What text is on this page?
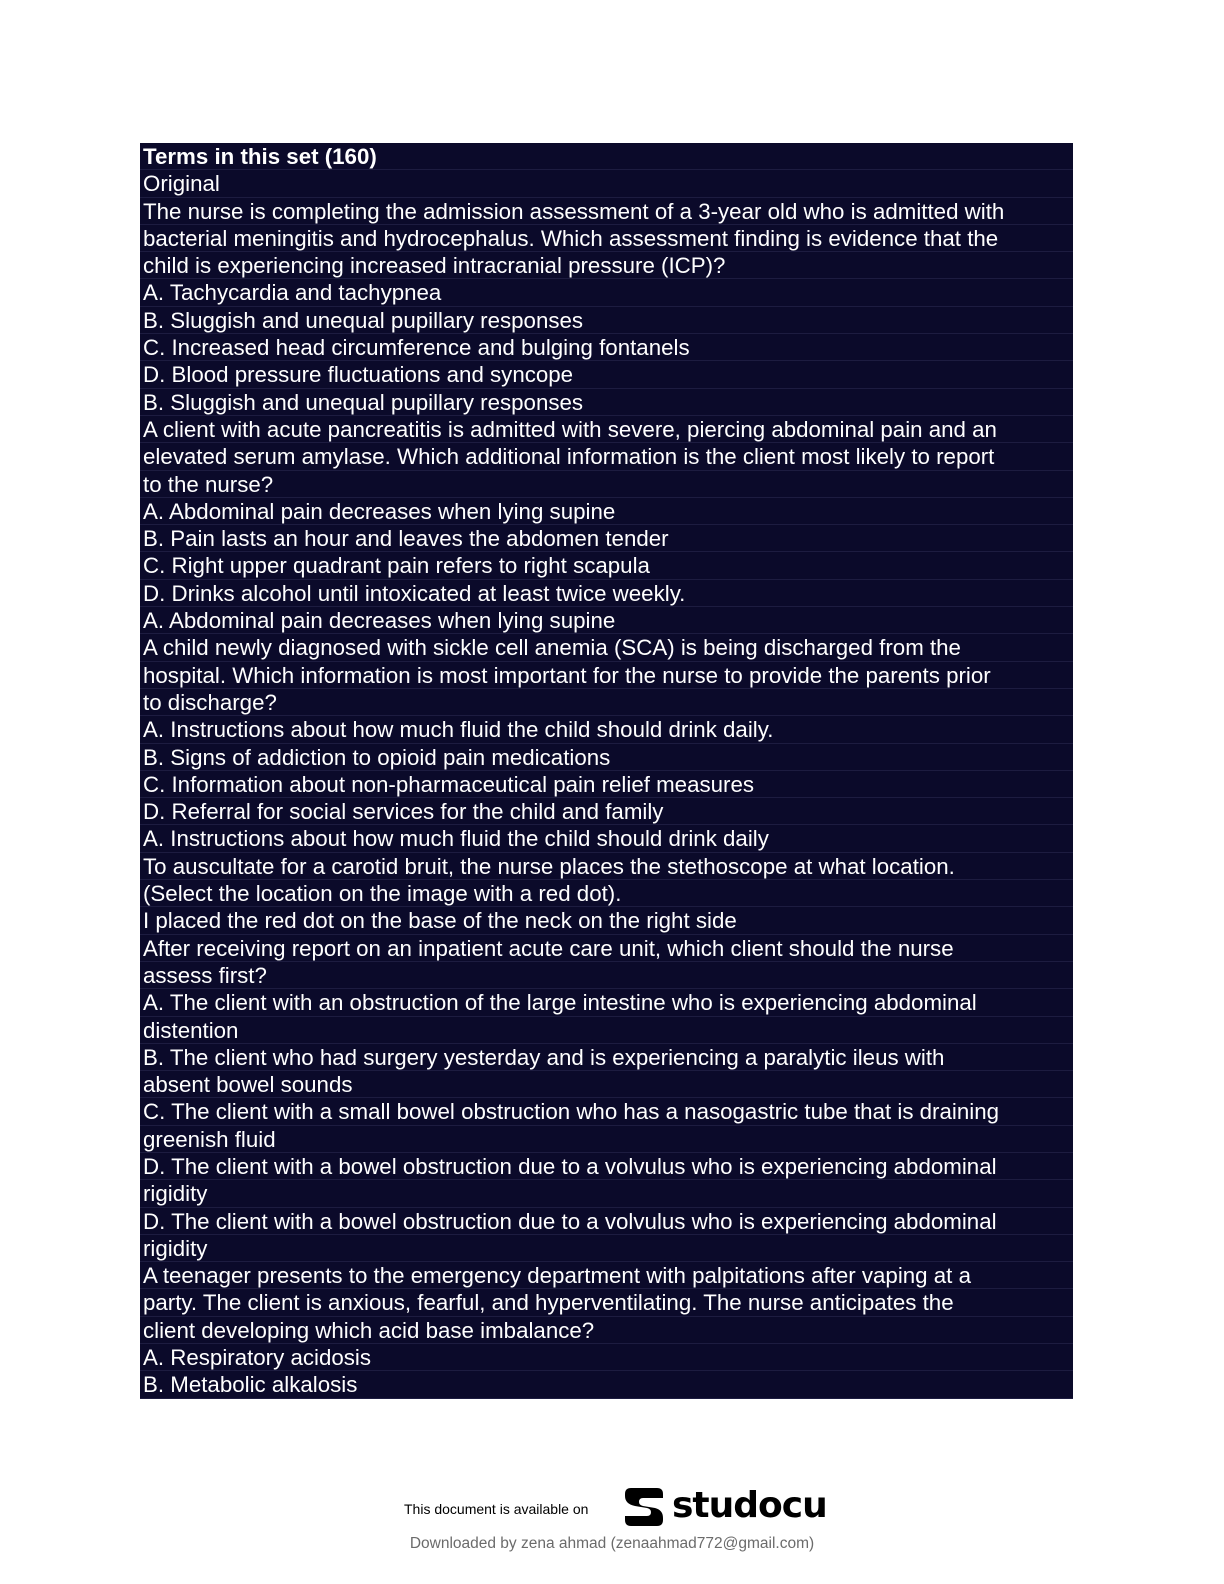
Terms in this set (160)
Original
The nurse is completing the admission assessment of a 3-year old who is admitted with
bacterial meningitis and hydrocephalus. Which assessment finding is evidence that the
child is experiencing increased intracranial pressure (ICP)?
A. Tachycardia and tachypnea
B. Sluggish and unequal pupillary responses
C. Increased head circumference and bulging fontanels
D. Blood pressure fluctuations and syncope
B. Sluggish and unequal pupillary responses
A client with acute pancreatitis is admitted with severe, piercing abdominal pain and an
elevated serum amylase. Which additional information is the client most likely to report
to the nurse?
A. Abdominal pain decreases when lying supine
B. Pain lasts an hour and leaves the abdomen tender
C. Right upper quadrant pain refers to right scapula
D. Drinks alcohol until intoxicated at least twice weekly.
A. Abdominal pain decreases when lying supine
A child newly diagnosed with sickle cell anemia (SCA) is being discharged from the
hospital. Which information is most important for the nurse to provide the parents prior
to discharge?
A. Instructions about how much fluid the child should drink daily.
B. Signs of addiction to opioid pain medications
C. Information about non-pharmaceutical pain relief measures
D. Referral for social services for the child and family
A. Instructions about how much fluid the child should drink daily
To auscultate for a carotid bruit, the nurse places the stethoscope at what location.
(Select the location on the image with a red dot).
I placed the red dot on the base of the neck on the right side
After receiving report on an inpatient acute care unit, which client should the nurse
assess first?
A. The client with an obstruction of the large intestine who is experiencing abdominal
distention
B. The client who had surgery yesterday and is experiencing a paralytic ileus with
absent bowel sounds
C. The client with a small bowel obstruction who has a nasogastric tube that is draining
greenish fluid
D. The client with a bowel obstruction due to a volvulus who is experiencing abdominal
rigidity
D. The client with a bowel obstruction due to a volvulus who is experiencing abdominal
rigidity
A teenager presents to the emergency department with palpitations after vaping at a
party. The client is anxious, fearful, and hyperventilating. The nurse anticipates the
client developing which acid base imbalance?
A. Respiratory acidosis
B. Metabolic alkalosis
This document is available on studocu
Downloaded by zena ahmad (zenaahmad772@gmail.com)
